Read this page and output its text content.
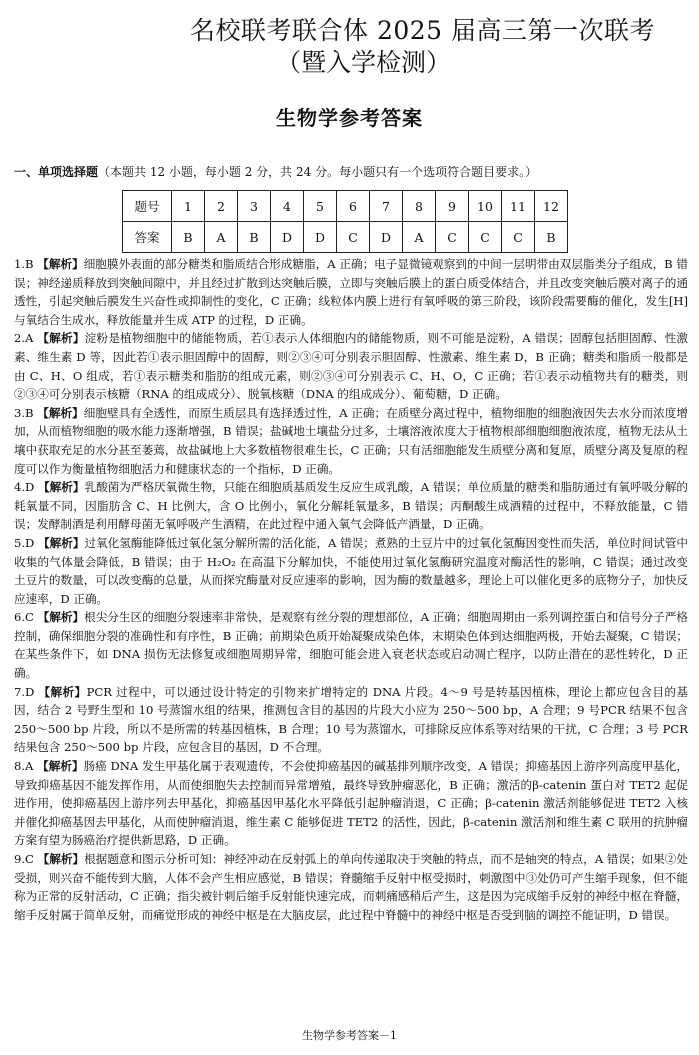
名校联考联合体 2025 届高三第一次联考
（暨入学检测）
生物学参考答案
一、单项选择题（本题共 12 小题，每小题 2 分，共 24 分。每小题只有一个选项符合题目要求。）
题号	1	2	3	4	5	6	7	8	9	10	11	12
答案	B	A	B	D	D	C	D	A	C	C	C	B
1.B 【解析】细胞膜外表面的部分糖类和脂质结合形成糖脂，A 正确；电子显微镜观察到的中间一层明带由双层脂类分子组成，B 错误；神经递质释放到突触间隙中，并且经过扩散到达突触后膜，立即与突触后膜上的蛋白质受体结合，并且改变突触后膜对离子的通透性，引起突触后膜发生兴奋性或抑制性的变化，C 正确；线粒体内膜上进行有氧呼吸的第三阶段，该阶段需要酶的催化，发生[H]与氧结合生成水，释放能量并生成 ATP 的过程，D 正确。
2.A 【解析】淀粉是植物细胞中的储能物质，若①表示人体细胞内的储能物质，则不可能是淀粉，A 错误；固醇包括胆固醇、性激素、维生素 D 等，因此若①表示胆固醇中的固醇，则②③④可分别表示胆固醇、性激素、维生素 D，B 正确；糖类和脂质一般都是由 C、H、O 组成，若①表示糖类和脂肪的组成元素，则②③④可分别表示 C、H、O，C 正确；若①表示动植物共有的糖类，则②③④可分别表示核糖（RNA 的组成成分）、脱氧核糖（DNA 的组成成分）、葡萄糖，D 正确。
3.B 【解析】细胞壁具有全透性，而原生质层具有选择透过性，A 正确；在质壁分离过程中，植物细胞的细胞液因失去水分而浓度增加，从而植物细胞的吸水能力逐渐增强，B 错误；盐碱地土壤盐分过多，土壤溶液浓度大于植物根部细胞细胞液浓度，植物无法从土壤中获取充足的水分甚至萎蔫，故盐碱地上大多数植物很难生长，C 正确；只有活细胞能发生质壁分离和复原，质壁分离及复原的程度可以作为衡量植物细胞活力和健康状态的一个指标，D 正确。
4.D 【解析】乳酸菌为严格厌氧微生物，只能在细胞质基质发生反应生成乳酸，A 错误；单位质量的糖类和脂肪通过有氧呼吸分解的耗氧量不同，因脂肪含 C、H 比例大，含 O 比例小，氧化分解耗氧量多，B 错误；丙酮酸生成酒精的过程中，不释放能量，C 错误；发酵制酒是利用酵母菌无氧呼吸产生酒精，在此过程中通入氧气会降低产酒量，D 正确。
5.D 【解析】过氧化氢酶能降低过氧化氢分解所需的活化能，A 错误；煮熟的土豆片中的过氧化氢酶因变性而失活，单位时间试管中收集的气体量会降低，B 错误；由于 H₂O₂ 在高温下分解加快，不能使用过氧化氢酶研究温度对酶活性的影响，C 错误；通过改变土豆片的数量，可以改变酶的总量，从而探究酶量对反应速率的影响，因为酶的数量越多，理论上可以催化更多的底物分子，加快反应速率，D 正确。
6.C 【解析】根尖分生区的细胞分裂速率非常快，是观察有丝分裂的理想部位，A 正确；细胞周期由一系列调控蛋白和信号分子严格控制，确保细胞分裂的准确性和有序性，B 正确；前期染色质开始凝聚成染色体，末期染色体到达细胞两极，开始去凝聚，C 错误；在某些条件下，如 DNA 损伤无法修复或细胞周期异常，细胞可能会进入衰老状态或启动凋亡程序，以防止潜在的恶性转化，D 正确。
7.D 【解析】PCR 过程中，可以通过设计特定的引物来扩增特定的 DNA 片段。4～9 号是转基因植株，理论上都应包含目的基因，结合 2 号野生型和 10 号蒸馏水组的结果，推测包含目的基因的片段大小应为 250～500 bp，A 合理；9 号PCR 结果不包含 250～500 bp 片段，所以不是所需的转基因植株，B 合理；10 号为蒸馏水，可排除反应体系等对结果的干扰，C 合理；3 号 PCR 结果包含 250～500 bp 片段，应包含目的基因，D 不合理。
8.A 【解析】肠癌 DNA 发生甲基化属于表观遗传，不会使抑癌基因的碱基排列顺序改变，A 错误；抑癌基因上游序列高度甲基化，导致抑癌基因不能发挥作用，从而使细胞失去控制而异常增殖，最终导致肿瘤恶化，B 正确；激活的β-catenin 蛋白对 TET2 起促进作用，使抑癌基因上游序列去甲基化，抑癌基因甲基化水平降低引起肿瘤消退，C 正确；β-catenin 激活剂能够促进 TET2 入核并催化抑癌基因去甲基化，从而使肿瘤消退，维生素 C 能够促进 TET2 的活性，因此，β-catenin 激活剂和维生素 C 联用的抗肿瘤方案有望为肠癌治疗提供新思路，D 正确。
9.C 【解析】根据题意和图示分析可知：神经冲动在反射弧上的单向传递取决于突触的特点，而不是轴突的特点，A 错误；如果②处受损，则兴奋不能传到大脑，人体不会产生相应感觉，B 错误；脊髓缩手反射中枢受损时，刺激图中③处仍可产生缩手现象，但不能称为正常的反射活动，C 正确；指尖被针刺后缩手反射能快速完成，而刺痛感稍后产生，这是因为完成缩手反射的神经中枢在脊髓，缩手反射属于简单反射，而痛觉形成的神经中枢是在大脑皮层，此过程中脊髓中的神经中枢是否受到脑的调控不能证明，D 错误。
生物学参考答案－1
